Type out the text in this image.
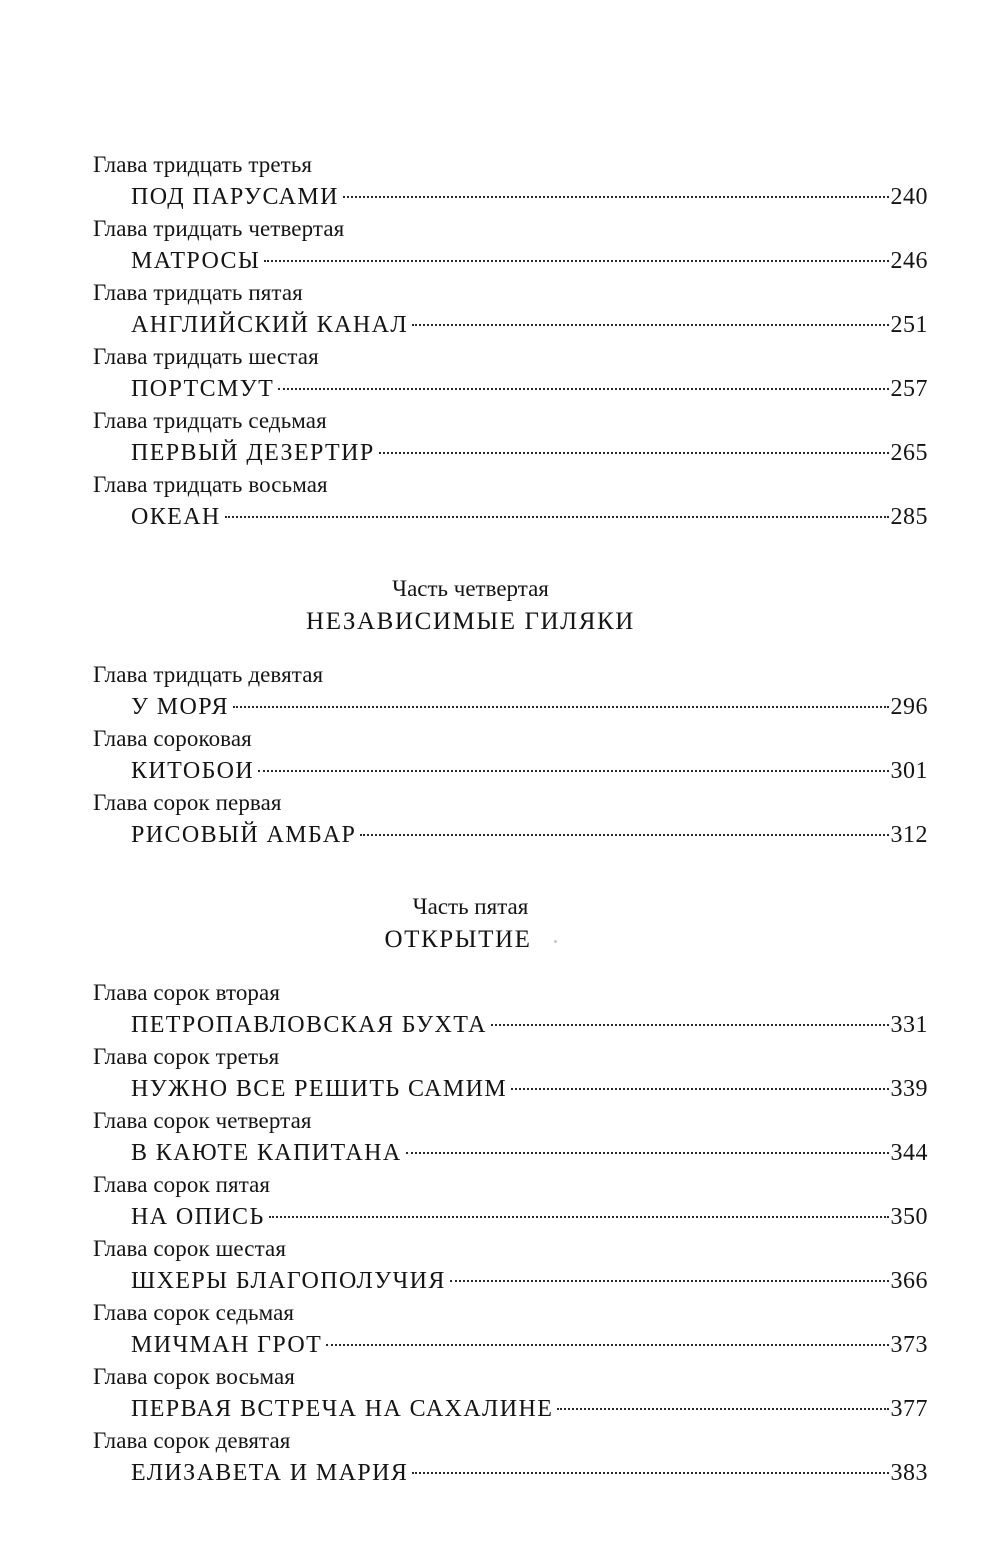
Глава тридцать третья
ПОД ПАРУСАМИ	240
Глава тридцать четвертая
МАТРОСЫ	246
Глава тридцать пятая
АНГЛИЙСКИЙ КАНАЛ	251
Глава тридцать шестая
ПОРТСМУТ	257
Глава тридцать седьмая
ПЕРВЫЙ ДЕЗЕРТИР	265
Глава тридцать восьмая
ОКЕАН	285
Часть четвертая
НЕЗАВИСИМЫЕ ГИЛЯКИ
Глава тридцать девятая
У МОРЯ	296
Глава сороковая
КИТОБОИ	301
Глава сорок первая
РИСОВЫЙ АМБАР	312
Часть пятая
ОТКРЫТИЕ
Глава сорок вторая
ПЕТРОПАВЛОВСКАЯ БУХТА	331
Глава сорок третья
НУЖНО ВСЕ РЕШИТЬ САМИМ	339
Глава сорок четвертая
В КАЮТЕ КАПИТАНА	344
Глава сорок пятая
НА ОПИСЬ	350
Глава сорок шестая
ШХЕРЫ БЛАГОПОЛУЧИЯ	366
Глава сорок седьмая
МИЧМАН ГРОТ	373
Глава сорок восьмая
ПЕРВАЯ ВСТРЕЧА НА САХАЛИНЕ	377
Глава сорок девятая
ЕЛИЗАВЕТА И МАРИЯ	383
